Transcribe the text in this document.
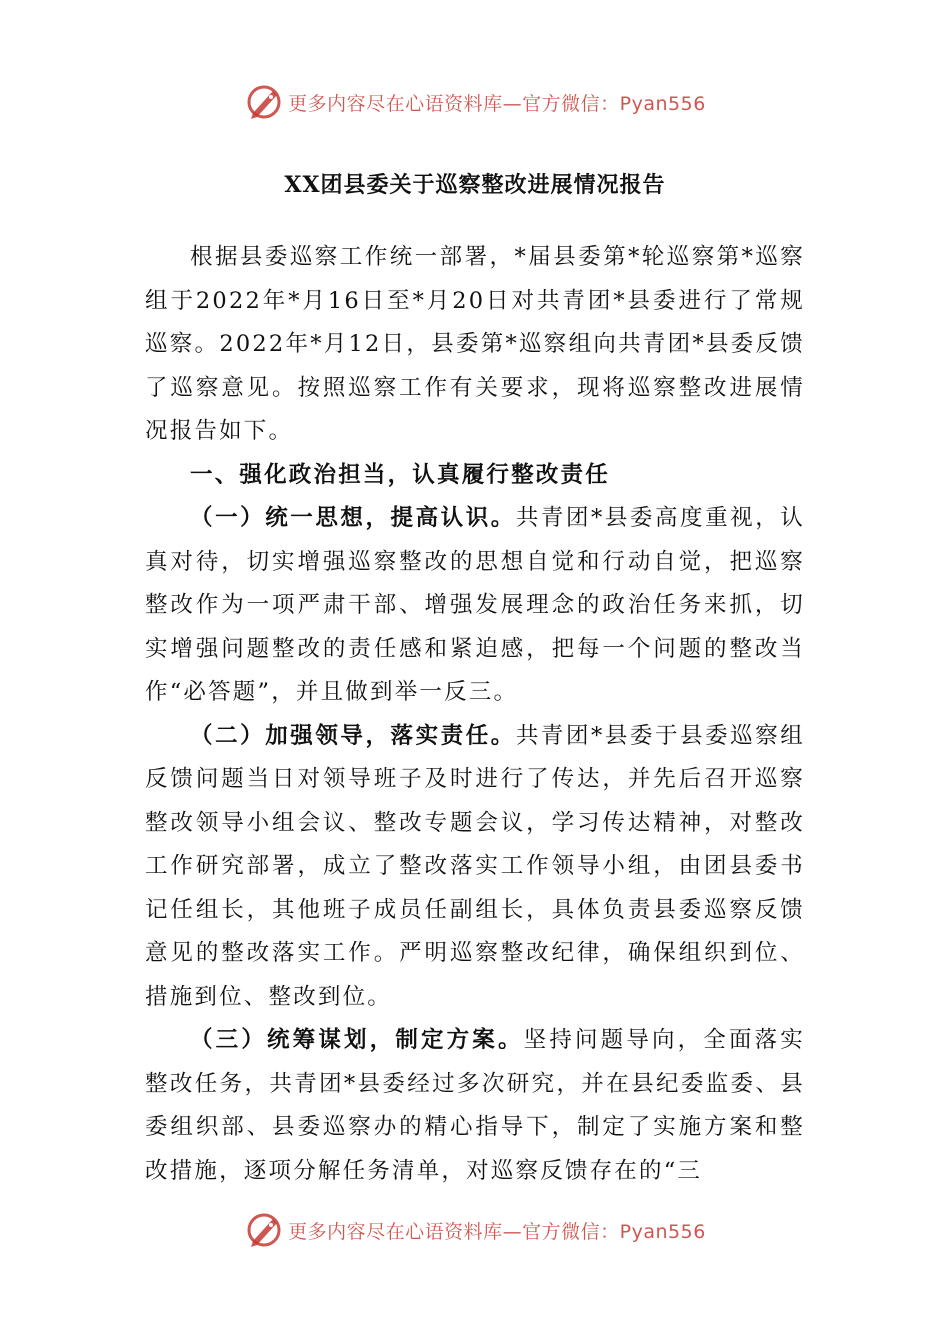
更多内容尽在心语资料库—官方微信：Pyan556
XX团县委关于巡察整改进展情况报告

根据县委巡察工作统一部署，*届县委第*轮巡察第*巡察组于2022年*月16日至*月20日对共青团*县委进行了常规巡察。2022年*月12日，县委第*巡察组向共青团*县委反馈了巡察意见。按照巡察工作有关要求，现将巡察整改进展情况报告如下。

一、强化政治担当，认真履行整改责任

（一）统一思想，提高认识。共青团*县委高度重视，认真对待，切实增强巡察整改的思想自觉和行动自觉，把巡察整改作为一项严肃干部、增强发展理念的政治任务来抓，切实增强问题整改的责任感和紧迫感，把每一个问题的整改当作“必答题”，并且做到举一反三。

（二）加强领导，落实责任。共青团*县委于县委巡察组反馈问题当日对领导班子及时进行了传达，并先后召开巡察整改领导小组会议、整改专题会议，学习传达精神，对整改工作研究部署，成立了整改落实工作领导小组，由团县委书记任组长，其他班子成员任副组长，具体负责县委巡察反馈意见的整改落实工作。严明巡察整改纪律，确保组织到位、措施到位、整改到位。

（三）统筹谋划，制定方案。坚持问题导向，全面落实整改任务，共青团*县委经过多次研究，并在县纪委监委、县委组织部、县委巡察办的精心指导下，制定了实施方案和整改措施，逐项分解任务清单，对巡察反馈存在的“三

更多内容尽在心语资料库—官方微信：Pyan556
